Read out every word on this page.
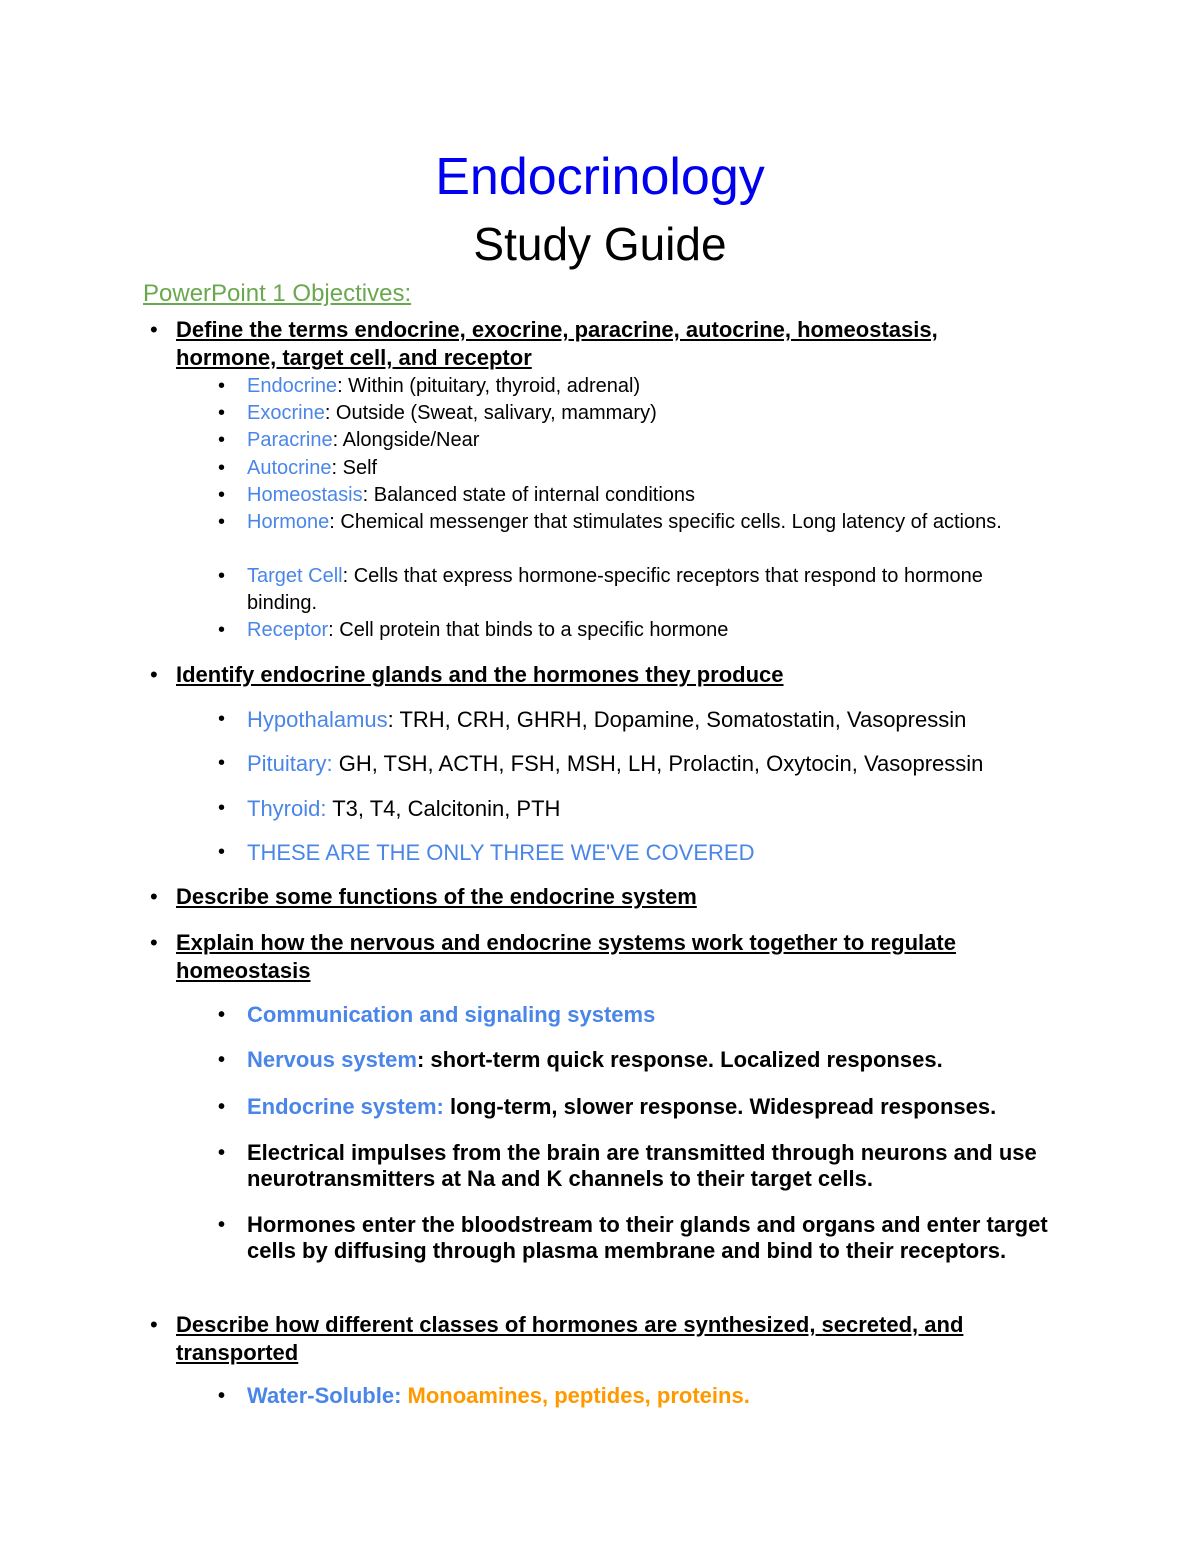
Endocrinology
Study Guide
PowerPoint 1 Objectives:
• Define the terms endocrine, exocrine, paracrine, autocrine, homeostasis, hormone, target cell, and receptor
• Endocrine: Within (pituitary, thyroid, adrenal)
• Exocrine: Outside (Sweat, salivary, mammary)
• Paracrine: Alongside/Near
• Autocrine: Self
• Homeostasis: Balanced state of internal conditions
• Hormone: Chemical messenger that stimulates specific cells. Long latency of actions.
• Target Cell: Cells that express hormone-specific receptors that respond to hormone binding.
• Receptor: Cell protein that binds to a specific hormone
• Identify endocrine glands and the hormones they produce
• Hypothalamus: TRH, CRH, GHRH, Dopamine, Somatostatin, Vasopressin
• Pituitary: GH, TSH, ACTH, FSH, MSH, LH, Prolactin, Oxytocin, Vasopressin
• Thyroid: T3, T4, Calcitonin, PTH
• THESE ARE THE ONLY THREE WE'VE COVERED
• Describe some functions of the endocrine system
• Explain how the nervous and endocrine systems work together to regulate homeostasis
• Communication and signaling systems
• Nervous system: short-term quick response. Localized responses.
• Endocrine system: long-term, slower response. Widespread responses.
• Electrical impulses from the brain are transmitted through neurons and use neurotransmitters at Na and K channels to their target cells.
• Hormones enter the bloodstream to their glands and organs and enter target cells by diffusing through plasma membrane and bind to their receptors.
• Describe how different classes of hormones are synthesized, secreted, and transported
• Water-Soluble: Monoamines, peptides, proteins.
